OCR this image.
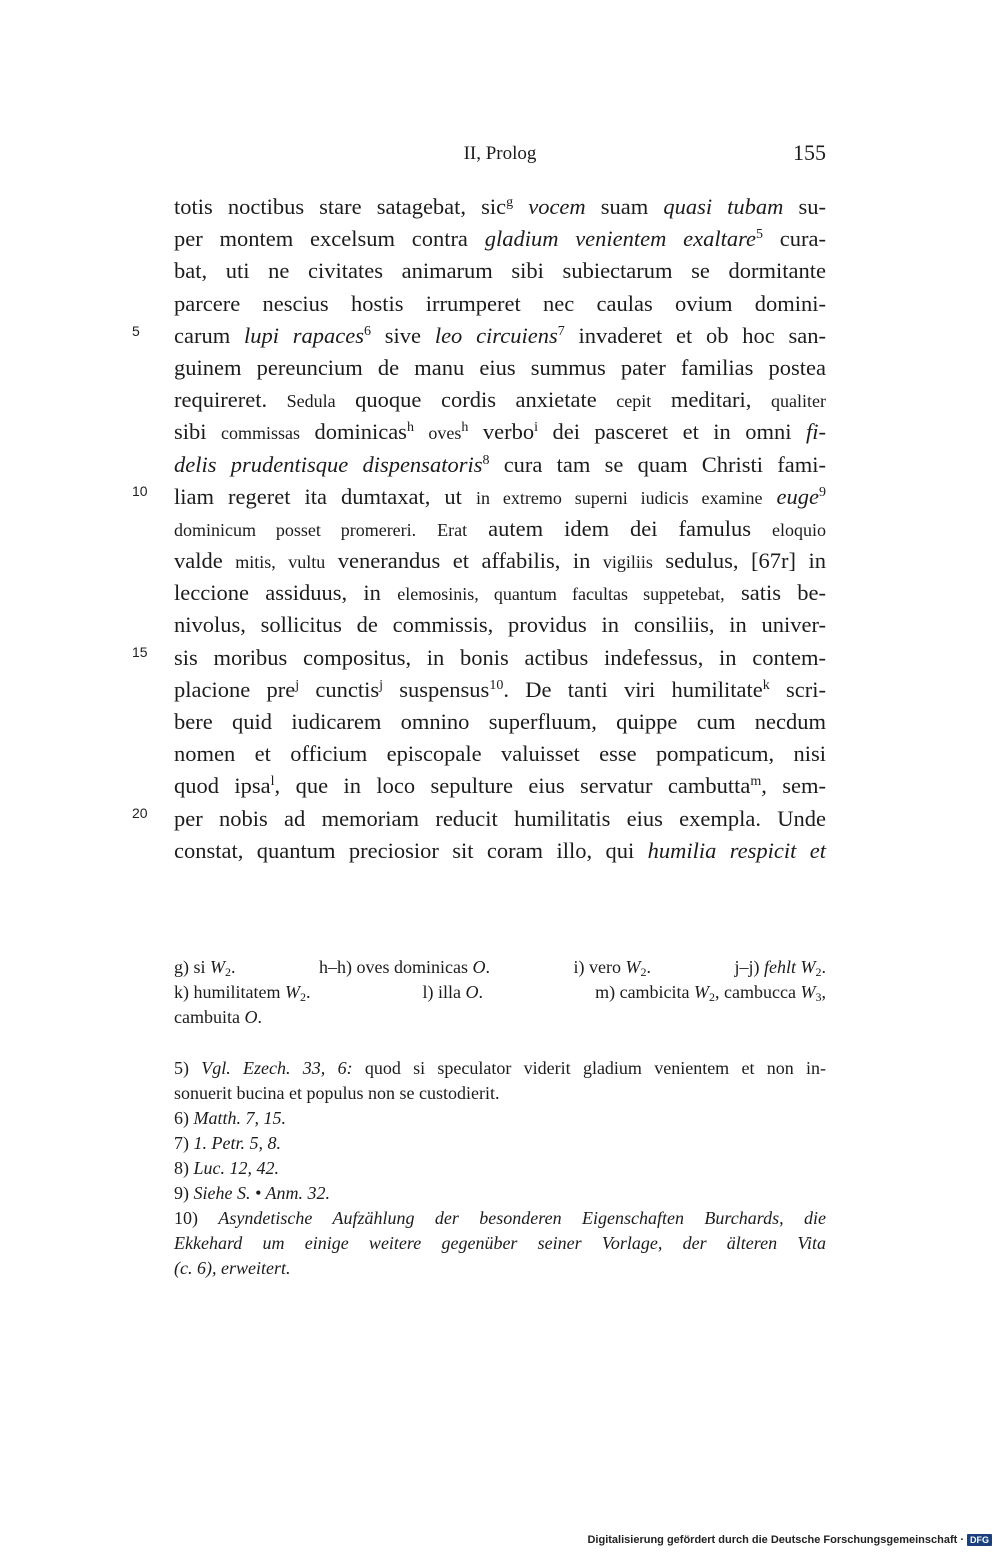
II, Prolog	155
5
10
15
20
totis noctibus stare satagebat, sic$^g$ vocem suam quasi tubam su-
per montem excelsum contra gladium venientem exaltare$^5$ cura-
bat, uti ne civitates animarum sibi subiectarum se dormitante
parcere nescius hostis irrumperet nec caulas ovium domini-
carum lupi rapaces$^6$ sive leo circuiens$^7$ invaderet et ob hoc san-
guinem pereuncium de manu eius summus pater familias postea
requireret. Sedula quoque cordis anxietate cepit meditari, qualiter
sibi commissas dominicas$^h$ oves$^h$ verbo$^i$ dei pasceret et in omni fi-
delis prudentisque dispensatoris$^8$ cura tam se quam Christi fami-
liam regeret ita dumtaxat, ut in extremo superni iudicis examine euge$^9$
dominicum posset promereri. Erat autem idem dei famulus eloquio
valde mitis, vultu venerandus et affabilis, in vigiliis sedulus, [67r] in
leccione assiduus, in elemosinis, quantum facultas suppetebat, satis be-
nivolus, sollicitus de commissis, providus in consiliis, in univer-
sis moribus compositus, in bonis actibus indefessus, in contem-
placione pre$^j$ cunctis$^j$ suspensus$^{10}$. De tanti viri humilitate$^k$ scri-
bere quid iudicarem omnino superfluum, quippe cum necdum
nomen et officium episcopale valuisset esse pompaticum, nisi
quod ipsa$^l$, que in loco sepulture eius servatur cambutta$^m$, sem-
per nobis ad memoriam reducit humilitatis eius exempla. Unde
constat, quantum preciosior sit coram illo, qui humilia respicit et
g) si $W_2$.	h–h) oves dominicas O.	i) vero $W_2$.	j–j) fehlt $W_2$.
k) humilitatem $W_2$.	l) illa O.	m) cambicita $W_2$, cambucca $W_3$,
cambuita O.
5) Vgl. Ezech. 33, 6: quod si speculator viderit gladium venientem et non in-
sonuerit bucina et populus non se custodierit.
6) Matth. 7, 15.
7) 1. Petr. 5, 8.
8) Luc. 12, 42.
9) Siehe S. • Anm. 32.
10) Asyndetische Aufzählung der besonderen Eigenschaften Burchards, die
Ekkehard um einige weitere gegenüber seiner Vorlage, der älteren Vita
(c. 6), erweitert.
Digitalisierung gefördert durch die Deutsche Forschungsgemeinschaft · DFG
